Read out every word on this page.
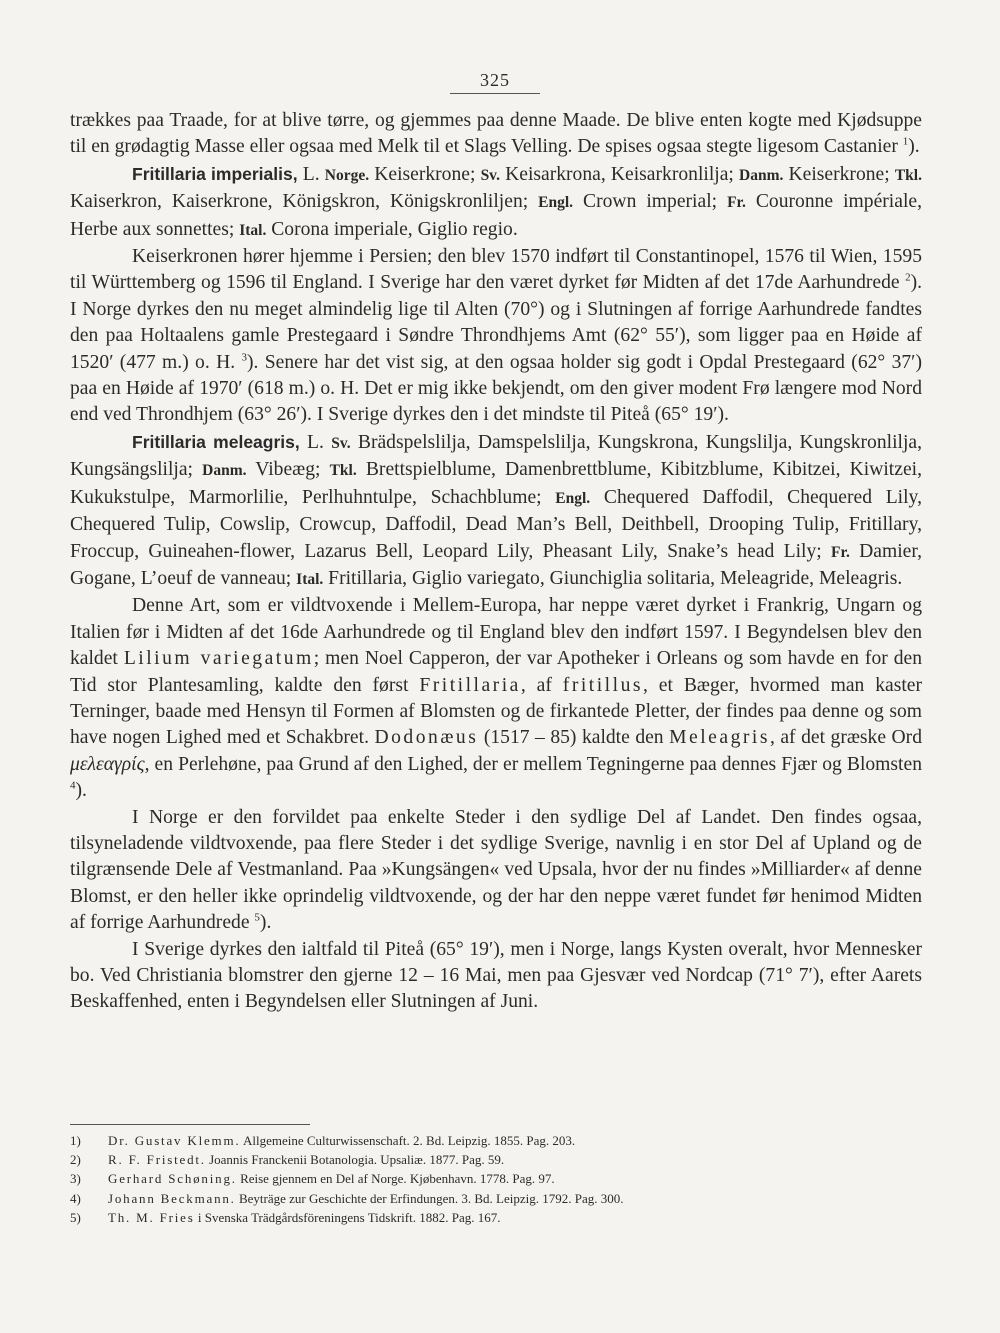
325

trækkes paa Traade, for at blive tørre, og gjemmes paa denne Maade. De blive enten kogte med Kjødsuppe til en grødagtig Masse eller ogsaa med Melk til et Slags Velling. De spises ogsaa stegte ligesom Castanier $^1$).

Fritillaria imperialis, L. Norge. Keiserkrone; Sv. Keisarkrona, Keisarkronlilja; Danm. Keiserkrone; Tkl. Kaiserkron, Kaiserkrone, Königskron, Königskronliljen; Engl. Crown imperial; Fr. Couronne impériale, Herbe aux sonnettes; Ital. Corona imperiale, Giglio regio.

Keiserkronen hører hjemme i Persien; den blev 1570 indført til Constantinopel, 1576 til Wien, 1595 til Württemberg og 1596 til England. I Sverige har den været dyrket før Midten af det 17de Aarhundrede $^2$). I Norge dyrkes den nu meget almindelig lige til Alten (70°) og i Slutningen af forrige Aarhundrede fandtes den paa Holtaalens gamle Prestegaard i Søndre Throndhjems Amt (62° 55′), som ligger paa en Høide af 1520′ (477 m.) o. H. $^3$). Senere har det vist sig, at den ogsaa holder sig godt i Opdal Prestegaard (62° 37′) paa en Høide af 1970′ (618 m.) o. H. Det er mig ikke bekjendt, om den giver modent Frø længere mod Nord end ved Throndhjem (63° 26′). I Sverige dyrkes den i det mindste til Piteå (65° 19′).

Fritillaria meleagris, L. Sv. Brädspelslilja, Damspelslilja, Kungskrona, Kungslilja, Kungskronlilja, Kungsängslilja; Danm. Vibeæg; Tkl. Brettspielblume, Damenbrettblume, Kibitzblume, Kibitzei, Kiwitzei, Kukukstulpe, Marmorlilie, Perlhuhntulpe, Schachblume; Engl. Chequered Daffodil, Chequered Lily, Chequered Tulip, Cowslip, Crowcup, Daffodil, Dead Man’s Bell, Deithbell, Drooping Tulip, Fritillary, Froccup, Guineahen-flower, Lazarus Bell, Leopard Lily, Pheasant Lily, Snake’s head Lily; Fr. Damier, Gogane, L’oeuf de vanneau; Ital. Fritillaria, Giglio variegato, Giunchiglia solitaria, Meleagride, Meleagris.

Denne Art, som er vildtvoxende i Mellem-Europa, har neppe været dyrket i Frankrig, Ungarn og Italien før i Midten af det 16de Aarhundrede og til England blev den indført 1597. I Begyndelsen blev den kaldet Lilium variegatum; men Noel Capperon, der var Apotheker i Orleans og som havde en for den Tid stor Plantesamling, kaldte den først Fritillaria, af fritillus, et Bæger, hvormed man kaster Terninger, baade med Hensyn til Formen af Blomsten og de firkantede Pletter, der findes paa denne og som have nogen Lighed med et Schakbret. Dodonæus (1517 – 85) kaldte den Meleagris, af det græske Ord μελεαγρίς, en Perlehøne, paa Grund af den Lighed, der er mellem Tegningerne paa dennes Fjær og Blomsten $^4$).

I Norge er den forvildet paa enkelte Steder i den sydlige Del af Landet. Den findes ogsaa, tilsyneladende vildtvoxende, paa flere Steder i det sydlige Sverige, navnlig i en stor Del af Upland og de tilgrænsende Dele af Vestmanland. Paa »Kungsängen« ved Upsala, hvor der nu findes »Milliarder« af denne Blomst, er den heller ikke oprindelig vildtvoxende, og der har den neppe været fundet før henimod Midten af forrige Aarhundrede $^5$).

I Sverige dyrkes den ialtfald til Piteå (65° 19′), men i Norge, langs Kysten overalt, hvor Mennesker bo. Ved Christiania blomstrer den gjerne 12 – 16 Mai, men paa Gjesvær ved Nordcap (71° 7′), efter Aarets Beskaffenhed, enten i Begyndelsen eller Slutningen af Juni.

1)	Dr. Gustav Klemm. Allgemeine Culturwissenschaft. 2. Bd. Leipzig. 1855. Pag. 203.
2)	R. F. Fristedt. Joannis Franckenii Botanologia. Upsaliæ. 1877. Pag. 59.
3)	Gerhard Schøning. Reise gjennem en Del af Norge. Kjøbenhavn. 1778. Pag. 97.
4)	Johann Beckmann. Beyträge zur Geschichte der Erfindungen. 3. Bd. Leipzig. 1792. Pag. 300.
5)	Th. M. Fries i Svenska Trädgårdsföreningens Tidskrift. 1882. Pag. 167.
